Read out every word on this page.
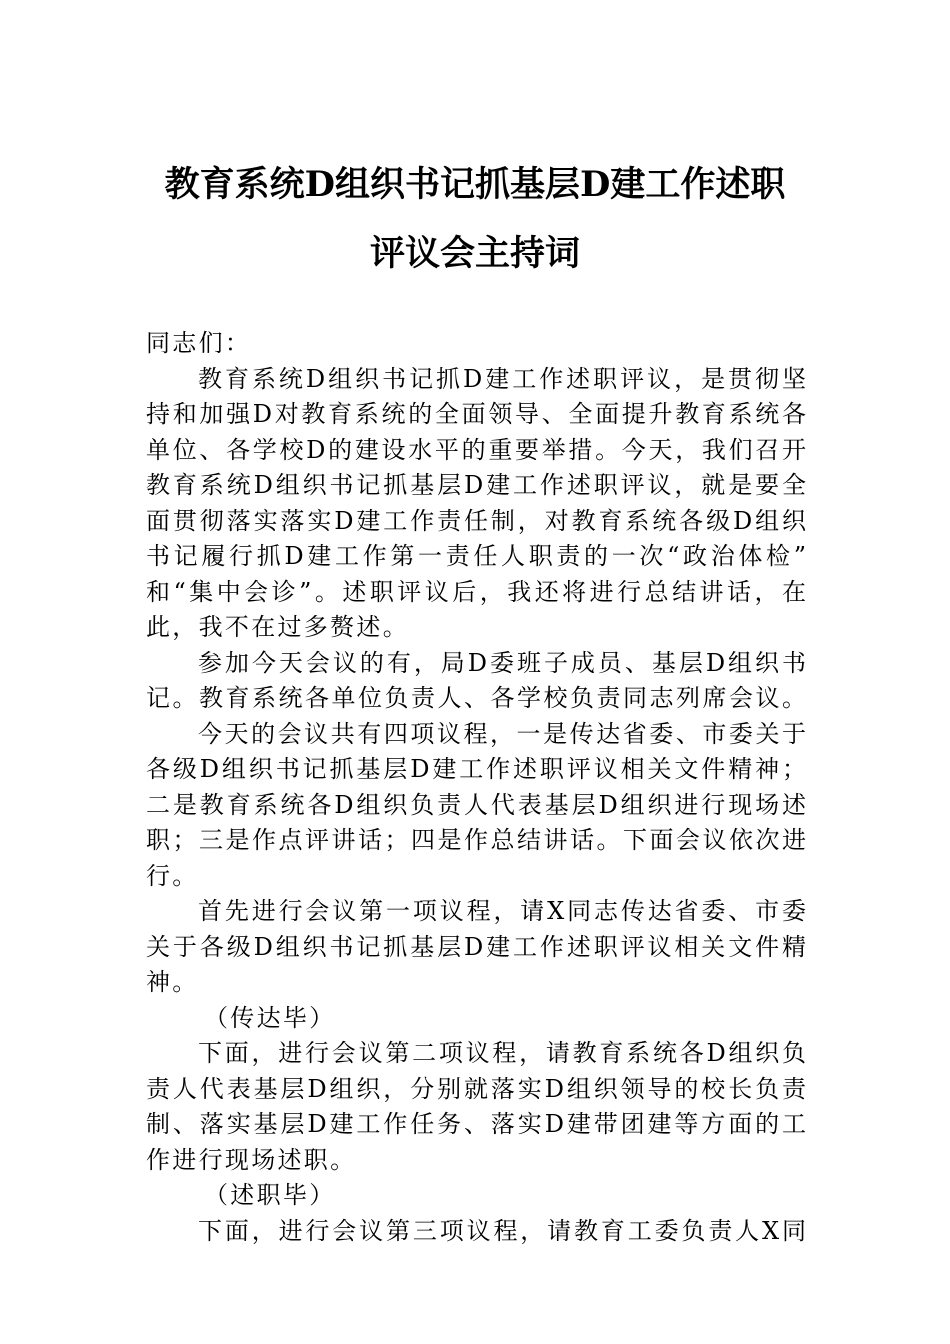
教育系统D组织书记抓基层D建工作述职
评议会主持词
同志们：
教育系统D组织书记抓D建工作述职评议，是贯彻坚
持和加强D对教育系统的全面领导、全面提升教育系统各
单位、各学校D的建设水平的重要举措。今天，我们召开
教育系统D组织书记抓基层D建工作述职评议，就是要全
面贯彻落实落实D建工作责任制，对教育系统各级D组织
书记履行抓D建工作第一责任人职责的一次“政治体检”
和“集中会诊”。述职评议后，我还将进行总结讲话，在
此，我不在过多赘述。
参加今天会议的有，局D委班子成员、基层D组织书
记。教育系统各单位负责人、各学校负责同志列席会议。
今天的会议共有四项议程，一是传达省委、市委关于
各级D组织书记抓基层D建工作述职评议相关文件精神；
二是教育系统各D组织负责人代表基层D组织进行现场述
职；三是作点评讲话；四是作总结讲话。下面会议依次进
行。
首先进行会议第一项议程，请X同志传达省委、市委
关于各级D组织书记抓基层D建工作述职评议相关文件精
神。
（传达毕）
下面，进行会议第二项议程，请教育系统各D组织负
责人代表基层D组织，分别就落实D组织领导的校长负责
制、落实基层D建工作任务、落实D建带团建等方面的工
作进行现场述职。
（述职毕）
下面，进行会议第三项议程，请教育工委负责人X同
